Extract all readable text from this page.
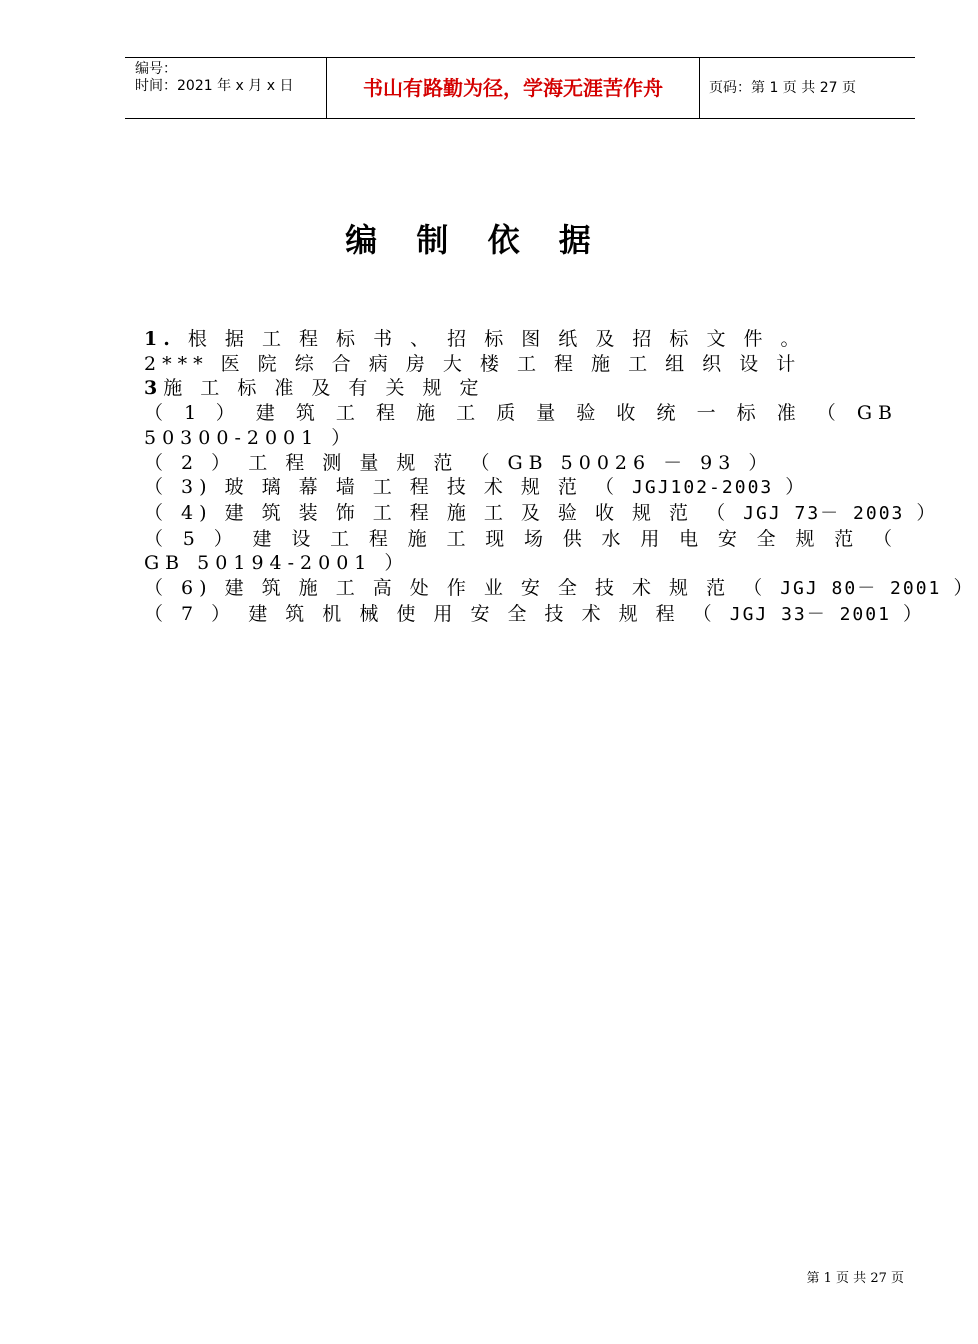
编号：
时间：2021 年 x 月 x 日	书山有路勤为径，学海无涯苦作舟	页码：第 1 页 共 27 页
编 制 依 据
1. 根 据 工 程 标 书 、 招 标 图 纸 及 招 标 文 件 。
2*** 医 院 综 合 病 房 大 楼 工 程 施 工 组 织 设 计
3施 工 标 准 及 有 关 规 定
（ 1 ） 建 筑 工 程 施 工 质 量 验 收 统 一 标 准 （ GB 50300-2001 ）
（ 2 ） 工 程 测 量 规 范 （ GB 50026 － 93 ）
（ 3) 玻 璃 幕 墙 工 程 技 术 规 范 （ JGJ102-2003 ）
（ 4) 建 筑 装 饰 工 程 施 工 及 验 收 规 范 （ JGJ 73－ 2003 ）
（ 5 ） 建 设 工 程 施 工 现 场 供 水 用 电 安 全 规 范 （ GB 50194-2001 ）
（ 6) 建 筑 施 工 高 处 作 业 安 全 技 术 规 范 （ JGJ 80－ 2001 ）
（ 7 ） 建 筑 机 械 使 用 安 全 技 术 规 程 （ JGJ 33－ 2001 ）
第 1 页 共 27 页
